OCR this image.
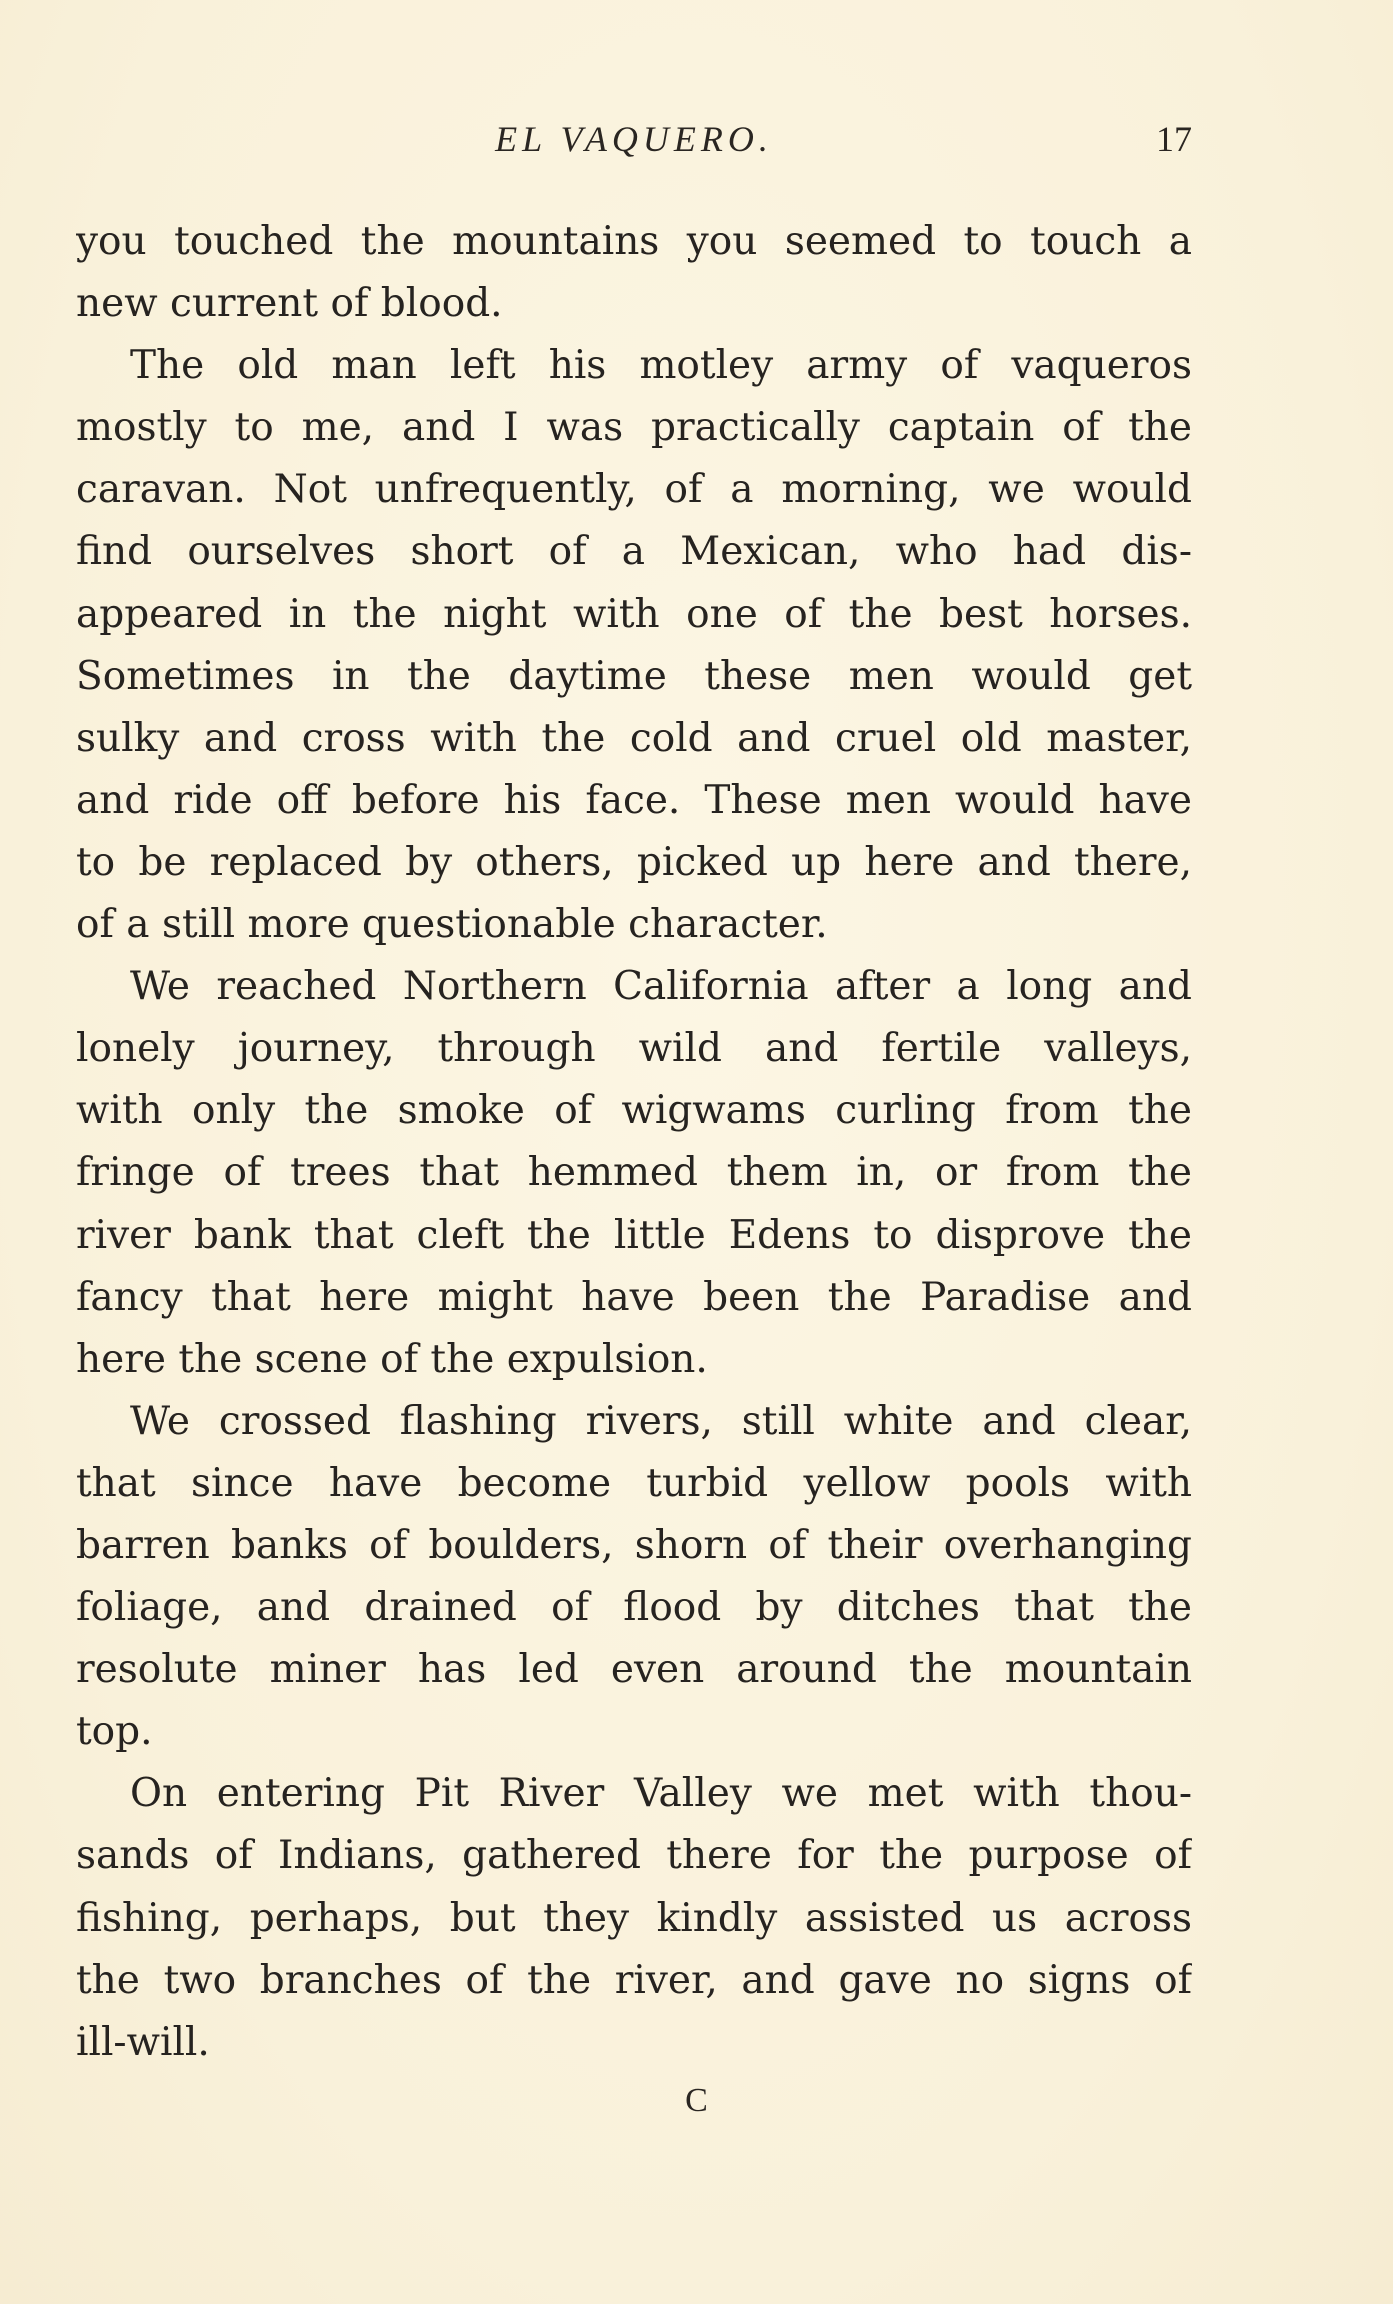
EL VAQUERO.	17
you touched the mountains you seemed to touch a
new current of blood.
The old man left his motley army of vaqueros
mostly to me, and I was practically captain of the
caravan. Not unfrequently, of a morning, we would
find ourselves short of a Mexican, who had dis-
appeared in the night with one of the best horses.
Sometimes in the daytime these men would get
sulky and cross with the cold and cruel old master,
and ride off before his face. These men would have
to be replaced by others, picked up here and there,
of a still more questionable character.
We reached Northern California after a long and
lonely journey, through wild and fertile valleys,
with only the smoke of wigwams curling from the
fringe of trees that hemmed them in, or from the
river bank that cleft the little Edens to disprove the
fancy that here might have been the Paradise and
here the scene of the expulsion.
We crossed flashing rivers, still white and clear,
that since have become turbid yellow pools with
barren banks of boulders, shorn of their overhanging
foliage, and drained of flood by ditches that the
resolute miner has led even around the mountain
top.
On entering Pit River Valley we met with thou-
sands of Indians, gathered there for the purpose of
fishing, perhaps, but they kindly assisted us across
the two branches of the river, and gave no signs of
ill-will.
C
